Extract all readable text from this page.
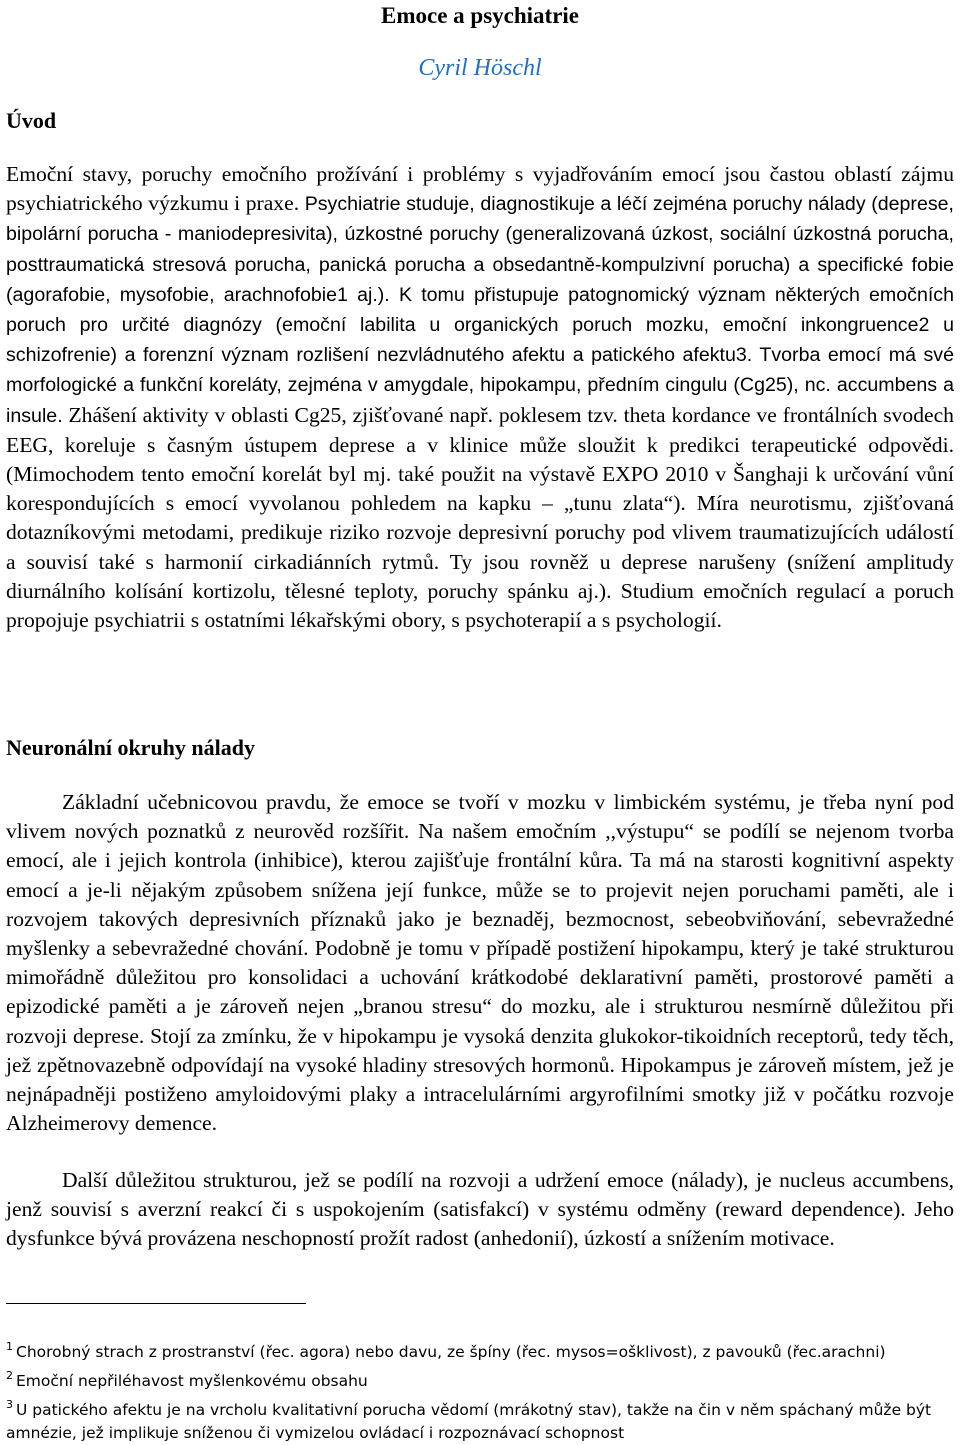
Emoce a psychiatrie
Cyril Höschl
Úvod

Emoční stavy, poruchy emočního prožívání i problémy s vyjadřováním emocí jsou častou oblastí zájmu psychiatrického výzkumu i praxe. Psychiatrie studuje, diagnostikuje a léčí zejména poruchy nálady (deprese, bipolární porucha - maniodepresivita), úzkostné poruchy (generalizovaná úzkost, sociální úzkostná porucha, posttraumatická stresová porucha, panická porucha a obsedantně-kompulzivní porucha) a specifické fobie (agorafobie, mysofobie, arachnofobie1 aj.). K tomu přistupuje patognomický význam některých emočních poruch pro určité diagnózy (emoční labilita u organických poruch mozku, emoční inkongruence2 u schizofrenie) a forenzní význam rozlišení nezvládnutého afektu a patického afektu3. Tvorba emocí má své morfologické a funkční koreláty, zejména v amygdale, hipokampu, předním cingulu (Cg25), nc. accumbens a insule. Zhášení aktivity v oblasti Cg25, zjišťované např. poklesem tzv. theta kordance ve frontálních svodech EEG, koreluje s časným ústupem deprese a v klinice může sloužit k predikci terapeutické odpovědi. (Mimochodem tento emoční korelát byl mj. také použit na výstavě EXPO 2010 v Šanghaji k určování vůní korespondujících s emocí vyvolanou pohledem na kapku – „tunu zlata“). Míra neurotismu, zjišťovaná dotazníkovými metodami, predikuje riziko rozvoje depresivní poruchy pod vlivem traumatizujících událostí a souvisí také s harmonií cirkadiánních rytmů. Ty jsou rovněž u deprese narušeny (snížení amplitudy diurnálního kolísání kortizolu, tělesné teploty, poruchy spánku aj.). Studium emočních regulací a poruch propojuje psychiatrii s ostatními lékařskými obory, s psychoterapií a s psychologií.

Neuronální okruhy nálady

Základní učebnicovou pravdu, že emoce se tvoří v mozku v limbickém systému, je třeba nyní pod vlivem nových poznatků z neurověd rozšířit. Na našem emočním ,,výstupu“ se podílí se nejenom tvorba emocí, ale i jejich kontrola (inhibice), kterou zajišťuje frontální kůra. Ta má na starosti kognitivní aspekty emocí a je-li nějakým způsobem snížena její funkce, může se to projevit nejen poruchami paměti, ale i rozvojem takových depresivních příznaků jako je beznaděj, bezmocnost, sebeobviňování, sebevražedné myšlenky a sebevražedné chování. Podobně je tomu v případě postižení hipokampu, který je také strukturou mimořádně důležitou pro konsolidaci a uchování krátkodobé deklarativní paměti, prostorové paměti a epizodické paměti a je zároveň nejen „branou stresu“ do mozku, ale i strukturou nesmírně důležitou při rozvoji deprese. Stojí za zmínku, že v hipokampu je vysoká denzita glukokor-tikoidních receptorů, tedy těch, jež zpětnovazebně odpovídají na vysoké hladiny stresových hormonů. Hipokampus je zároveň místem, jež je nejnápadněji postiženo amyloidovými plaky a intracelulárními argyrofilními smotky již v počátku rozvoje Alzheimerovy demence.

Další důležitou strukturou, jež se podílí na rozvoji a udržení emoce (nálady), je nucleus accumbens, jenž souvisí s averzní reakcí či s uspokojením (satisfakcí) v systému odměny (reward dependence). Jeho dysfunkce bývá provázena neschopností prožít radost (anhedonií), úzkostí a snížením motivace.

$^1$ Chorobný strach z prostranství (řec. agora) nebo davu, ze špíny (řec. mysos=ošklivost), z pavouků (řec.arachni)

$^2$ Emoční nepřiléhavost myšlenkovému obsahu

$^3$ U patického afektu je na vrcholu kvalitativní porucha vědomí (mrákotný stav), takže na čin v něm spáchaný může být amnézie, jež implikuje sníženou či vymizelou ovládací i rozpoznávací schopnost
